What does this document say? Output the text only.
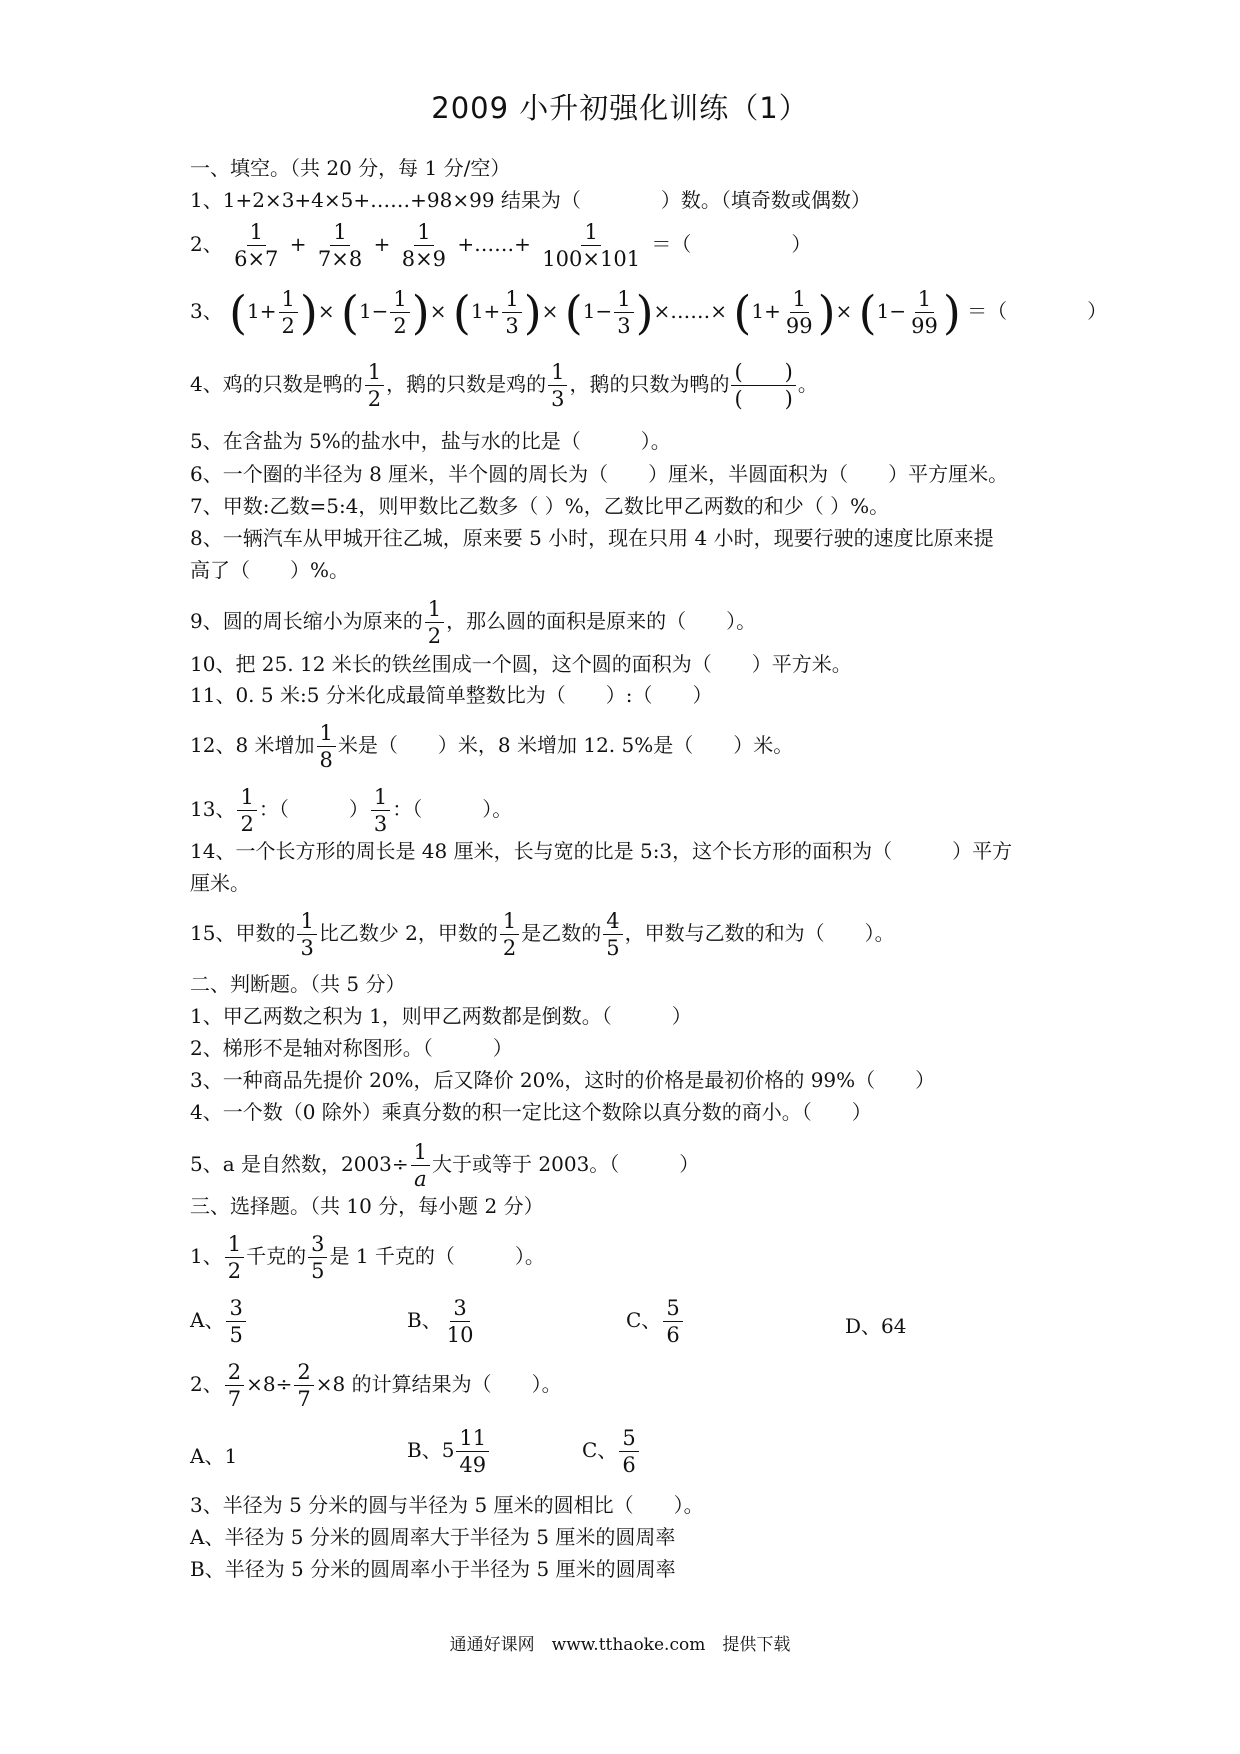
2009 小升初强化训练（1）
一、填空。（共 20 分，每 1 分/空）
1、1+2×3+4×5+……+98×99 结果为（　　　　）数。（填奇数或偶数）
2、 $\frac{1}{6\times 7} + \frac{1}{7\times 8} + \frac{1}{8\times 9}$ +……+ $\frac{1}{100\times 101}$ ＝（　　　　　）
3、 ($1+ \frac{1}{2}$ )× ($1- \frac{1}{2}$ )× ($1+ \frac{1}{3}$ )× ($1- \frac{1}{3}$ )×……× ($1+ \frac{1}{99}$ )× ($1- \frac{1}{99}$ ) ＝（　　　　）
4、鸡的只数是鸭的 $\frac{1}{2}$ ，鹅的只数是鸡的 $\frac{1}{3}$ ，鹅的只数为鸭的 $\frac{( )}{( )}$ 。
5、在含盐为 5%的盐水中，盐与水的比是（　　　）。
6、一个圈的半径为 8 厘米，半个圆的周长为（　　）厘米，半圆面积为（　　）平方厘米。
7、甲数:乙数=5:4，则甲数比乙数多（ ）%，乙数比甲乙两数的和少（ ）%。
8、一辆汽车从甲城开往乙城，原来要 5 小时，现在只用 4 小时，现要行驶的速度比原来提
高了（　　）%。
9、圆的周长缩小为原来的 $\frac{1}{2}$ ，那么圆的面积是原来的（　　）。
10、把 25. 12 米长的铁丝围成一个圆，这个圆的面积为（　　）平方米。
11、0. 5 米:5 分米化成最简单整数比为（　　）:（　　）
12、8 米增加 $\frac{1}{8}$ 米是（　　）米，8 米增加 12. 5%是（　　）米。
13、 $\frac{1}{2}$ ：（　　　） $\frac{1}{3}$ ：（　　　）。
14、一个长方形的周长是 48 厘米，长与宽的比是 5:3，这个长方形的面积为（　　　）平方
厘米。
15、甲数的 $\frac{1}{3}$ 比乙数少 2，甲数的 $\frac{1}{2}$ 是乙数的 $\frac{4}{5}$ ，甲数与乙数的和为（　　）。
二、判断题。（共 5 分）
1、甲乙两数之积为 1，则甲乙两数都是倒数。（　　　）
2、梯形不是轴对称图形。（　　　）
3、一种商品先提价 20%，后又降价 20%，这时的价格是最初价格的 99%（　　）
4、一个数（0 除外）乘真分数的积一定比这个数除以真分数的商小。（　　）
5、a 是自然数，$2003\div \frac{1}{a}$ 大于或等于 2003。（　　　）
三、选择题。（共 10 分，每小题 2 分）
1、 $\frac{1}{2}$ 千克的 $\frac{3}{5}$ 是 1 千克的（　　　）。
A、 $\frac{3}{5}$	B、 $\frac{3}{10}$	C、 $\frac{5}{6}$	D、64
2、 $\frac{2}{7} \times 8\div \frac{2}{7} \times 8$ 的计算结果为（　　）。
A、1	B、$5 \frac{11}{49}$	C、 $\frac{5}{6}$
3、半径为 5 分米的圆与半径为 5 厘米的圆相比（　　）。
A、半径为 5 分米的圆周率大于半径为 5 厘米的圆周率
B、半径为 5 分米的圆周率小于半径为 5 厘米的圆周率
通通好课网　www.tthaoke.com　提供下载
